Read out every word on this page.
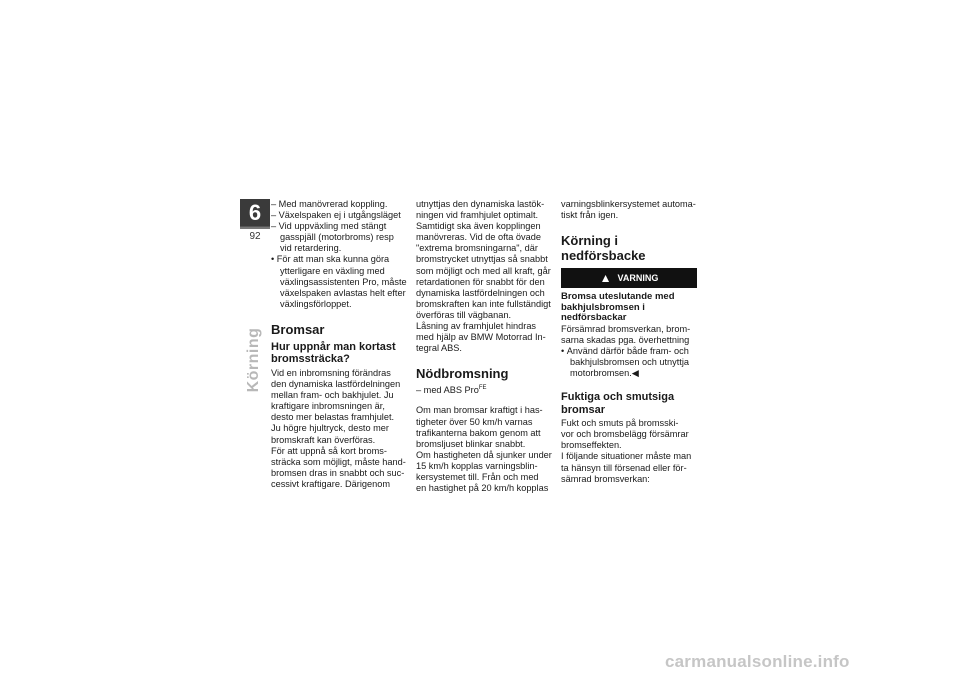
6
92
Körning
– Med manövrerad koppling.
– Växelspaken ej i utgångsläget
– Vid uppväxling med stängt gasspjäll (motorbroms) resp vid retardering.
• För att man ska kunna göra ytterligare en växling med växlingsassistenten Pro, måste växelspaken avlastas helt efter växlingsförloppet.
Bromsar
Hur uppnår man kortast bromssträcka?
Vid en inbromsning förändras
den dynamiska lastfördelningen
mellan fram- och bakhjulet. Ju
kraftigare inbromsningen är,
desto mer belastas framhjulet.
Ju högre hjultryck, desto mer
bromskraft kan överföras.
För att uppnå så kort broms-
sträcka som möjligt, måste hand-
bromsen dras in snabbt och suc-
cessivt kraftigare. Därigenom
utnyttjas den dynamiska lastök-
ningen vid framhjulet optimalt.
Samtidigt ska även kopplingen
manövreras. Vid de ofta övade
"extrema bromsningarna", där
bromstrycket utnyttjas så snabbt
som möjligt och med all kraft, går
retardationen för snabbt för den
dynamiska lastfördelningen och
bromskraften kan inte fullständigt
överföras till vägbanan.
Låsning av framhjulet hindras
med hjälp av BMW Motorrad In-
tegral ABS.
Nödbromsning
– med ABS Pro$^{FE}$
Om man bromsar kraftigt i has-
tigheter över 50 km/h varnas
trafikanterna bakom genom att
bromsljuset blinkar snabbt.
Om hastigheten då sjunker under
15 km/h kopplas varningsblin-
kersystemet till. Från och med
en hastighet på 20 km/h kopplas
varningsblinkersystemet automa-
tiskt från igen.
Körning i nedförsbacke
▲ VARNING
Bromsa uteslutande med bakhjulsbromsen i nedförsbackar
Försämrad bromsverkan, brom-
sarna skadas pga. överhettning
• Använd därför både fram- och bakhjulsbromsen och utnyttja motorbromsen.◀
Fuktiga och smutsiga bromsar
Fukt och smuts på bromsski-
vor och bromsbelägg försämrar
bromseffekten.
I följande situationer måste man
ta hänsyn till försenad eller för-
sämrad bromsverkan:
carmanualsonline.info
